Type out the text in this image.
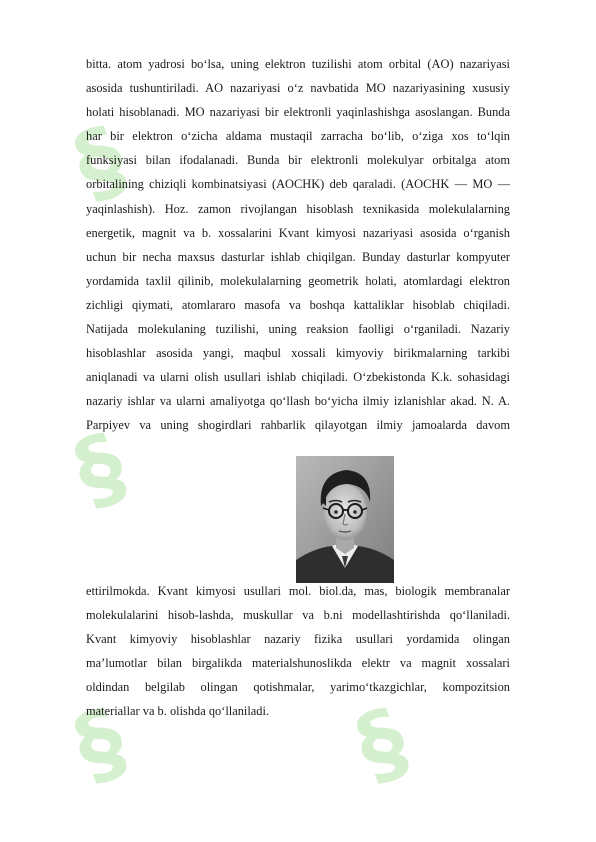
§
§
§ §
bitta. atom yadrosi bo‘lsa, uning elektron tuzilishi atom orbital (AO) nazariyasi
asosida tushuntiriladi. AO nazariyasi o‘z navbatida MO nazariyasining xususiy
holati hisoblanadi. MO nazariyasi bir elektronli yaqinlashishga asoslangan. Bunda
har bir elektron o‘zicha aldama mustaqil zarracha bo‘lib, o‘ziga xos to‘lqin
funksiyasi bilan ifodalanadi. Bunda bir elektronli molekulyar orbitalga atom
orbitalining chiziqli kombinatsiyasi (AOCHK) deb qaraladi. (AOCHK — MO —
yaqinlashish). Hoz. zamon rivojlangan hisoblash texnikasida molekulalarning
energetik, magnit va b. xossalarini Kvant kimyosi nazariyasi asosida o‘rganish
uchun bir necha maxsus dasturlar ishlab chiqilgan. Bunday dasturlar kompyuter
yordamida taxlil qilinib, molekulalarning geometrik holati, atomlardagi elektron
zichligi qiymati, atomlararo masofa va boshqa kattaliklar hisoblab chiqiladi.
Natijada molekulaning tuzilishi, uning reaksion faolligi o‘rganiladi. Nazariy
hisoblashlar asosida yangi, maqbul xossali kimyoviy birikmalarning tarkibi
aniqlanadi va ularni olish usullari ishlab chiqiladi. O‘zbekistonda K.k. sohasidagi
nazariy ishlar va ularni amaliyotga qo‘llash bo‘yicha ilmiy izlanishlar akad. N. A.
Parpiyev va uning shogirdlari rahbarlik qilayotgan ilmiy jamoalarda davom
ettirilmokda. Kvant kimyosi usullari mol. biol.da, mas, biologik membranalar
molekulalarini hisob-lashda, muskullar va b.ni modellashtirishda qo‘llaniladi.
Kvant kimyoviy hisoblashlar nazariy fizika usullari yordamida olingan
ma’lumotlar bilan birgalikda materialshunoslikda elektr va magnit xossalari
oldindan belgilab olingan qotishmalar, yarimo‘tkazgichlar, kompozitsion
materiallar va b. olishda qo‘llaniladi.
